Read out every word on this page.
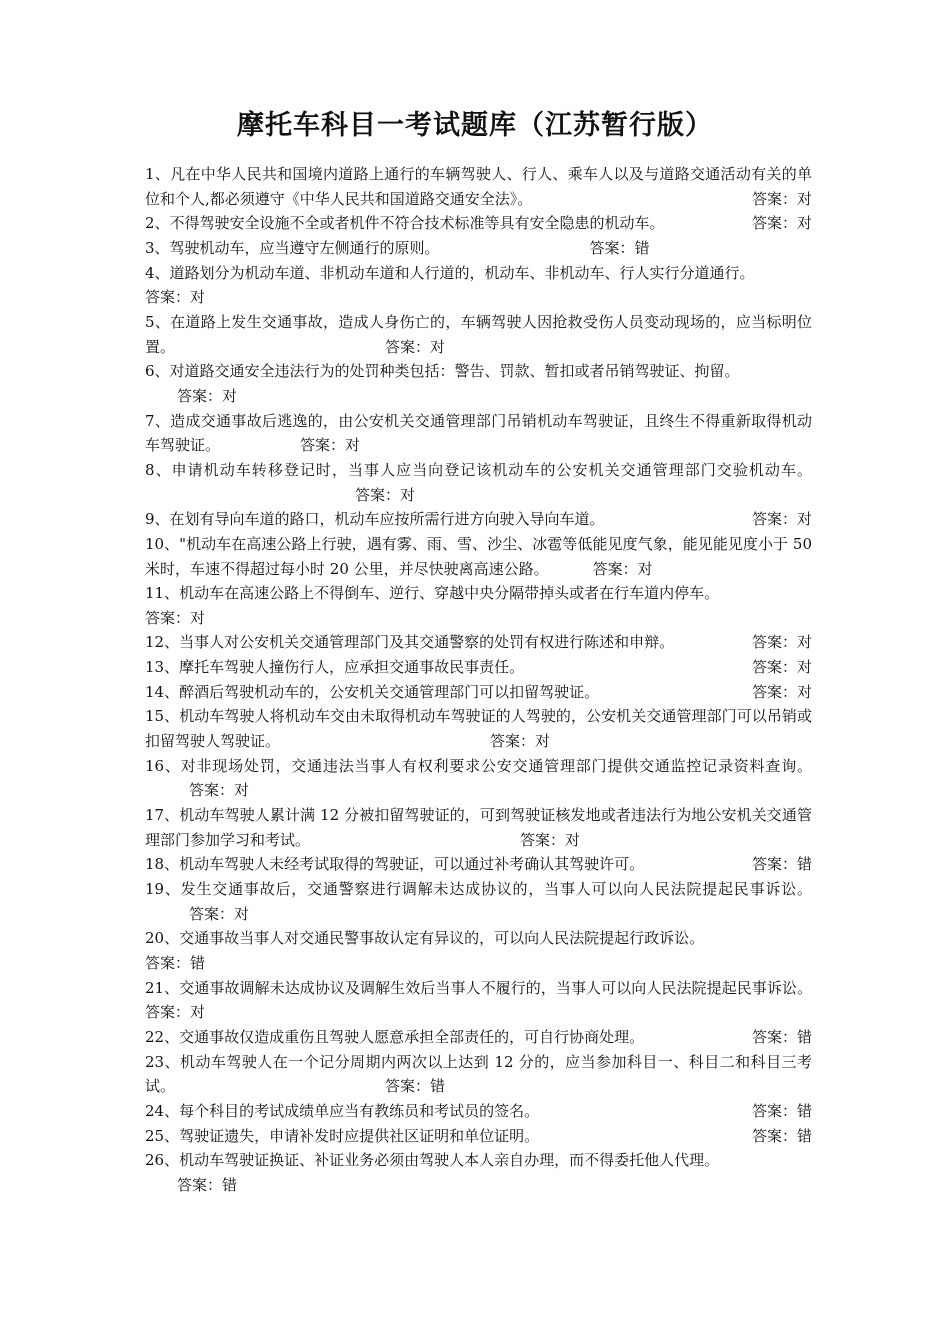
摩托车科目一考试题库（江苏暂行版）
1、凡在中华人民共和国境内道路上通行的车辆驾驶人、行人、乘车人以及与道路交通活动有关的单位和个人,都必须遵守《中华人民共和国道路交通安全法》。	答案：对
2、不得驾驶安全设施不全或者机件不符合技术标准等具有安全隐患的机动车。	答案：对
3、驾驶机动车，应当遵守左侧通行的原则。	答案：错
4、道路划分为机动车道、非机动车道和人行道的，机动车、非机动车、行人实行分道通行。
答案：对
5、在道路上发生交通事故，造成人身伤亡的，车辆驾驶人因抢救受伤人员变动现场的，应当标明位置。	答案：对
6、对道路交通安全违法行为的处罚种类包括：警告、罚款、暂扣或者吊销驾驶证、拘留。
答案：对
7、造成交通事故后逃逸的，由公安机关交通管理部门吊销机动车驾驶证，且终生不得重新取得机动车驾驶证。	答案：对
8、申请机动车转移登记时，当事人应当向登记该机动车的公安机关交通管理部门交验机动车。答案：对
9、在划有导向车道的路口，机动车应按所需行进方向驶入导向车道。	答案：对
10、"机动车在高速公路上行驶，遇有雾、雨、雪、沙尘、冰雹等低能见度气象，能见能见度小于 50 米时，车速不得超过每小时 20 公里，并尽快驶离高速公路。	答案：对
11、机动车在高速公路上不得倒车、逆行、穿越中央分隔带掉头或者在行车道内停车。
答案：对
12、当事人对公安机关交通管理部门及其交通警察的处罚有权进行陈述和申辩。	答案：对
13、摩托车驾驶人撞伤行人，应承担交通事故民事责任。	答案：对
14、醉酒后驾驶机动车的，公安机关交通管理部门可以扣留驾驶证。	答案：对
15、机动车驾驶人将机动车交由未取得机动车驾驶证的人驾驶的，公安机关交通管理部门可以吊销或扣留驾驶人驾驶证。	答案：对
16、对非现场处罚，交通违法当事人有权利要求公安交通管理部门提供交通监控记录资料查询。答案：对
17、机动车驾驶人累计满 12 分被扣留驾驶证的，可到驾驶证核发地或者违法行为地公安机关交通管理部门参加学习和考试。	答案：对
18、机动车驾驶人未经考试取得的驾驶证，可以通过补考确认其驾驶许可。	答案：错
19、发生交通事故后，交通警察进行调解未达成协议的，当事人可以向人民法院提起民事诉讼。答案：对
20、交通事故当事人对交通民警事故认定有异议的，可以向人民法院提起行政诉讼。
答案：错
21、交通事故调解未达成协议及调解生效后当事人不履行的，当事人可以向人民法院提起民事诉讼。答案：对
22、交通事故仅造成重伤且驾驶人愿意承担全部责任的，可自行协商处理。	答案：错
23、机动车驾驶人在一个记分周期内两次以上达到 12 分的，应当参加科目一、科目二和科目三考试。	答案：错
24、每个科目的考试成绩单应当有教练员和考试员的签名。	答案：错
25、驾驶证遗失，申请补发时应提供社区证明和单位证明。	答案：错
26、机动车驾驶证换证、补证业务必须由驾驶人本人亲自办理，而不得委托他人代理。
答案：错
